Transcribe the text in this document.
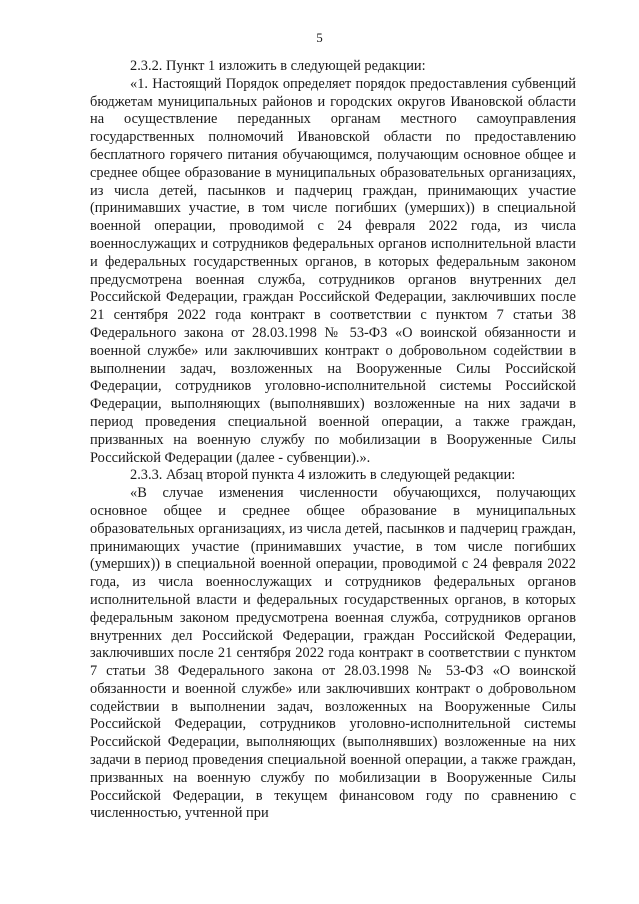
5

2.3.2. Пункт 1 изложить в следующей редакции:

«1. Настоящий Порядок определяет порядок предоставления субвенций бюджетам муниципальных районов и городских округов Ивановской области на осуществление переданных органам местного самоуправления государственных полномочий Ивановской области по предоставлению бесплатного горячего питания обучающимся, получающим основное общее и среднее общее образование в муниципальных образовательных организациях, из числа детей, пасынков и падчериц граждан, принимающих участие (принимавших участие, в том числе погибших (умерших)) в специальной военной операции, проводимой с 24 февраля 2022 года, из числа военнослужащих и сотрудников федеральных органов исполнительной власти и федеральных государственных органов, в которых федеральным законом предусмотрена военная служба, сотрудников органов внутренних дел Российской Федерации, граждан Российской Федерации, заключивших после 21 сентября 2022 года контракт в соответствии с пунктом 7 статьи 38 Федерального закона от 28.03.1998 № 53-ФЗ «О воинской обязанности и военной службе» или заключивших контракт о добровольном содействии в выполнении задач, возложенных на Вооруженные Силы Российской Федерации, сотрудников уголовно-исполнительной системы Российской Федерации, выполняющих (выполнявших) возложенные на них задачи в период проведения специальной военной операции, а также граждан, призванных на военную службу по мобилизации в Вооруженные Силы Российской Федерации (далее - субвенции).».

2.3.3. Абзац второй пункта 4 изложить в следующей редакции:

«В случае изменения численности обучающихся, получающих основное общее и среднее общее образование в муниципальных образовательных организациях, из числа детей, пасынков и падчериц граждан, принимающих участие (принимавших участие, в том числе погибших (умерших)) в специальной военной операции, проводимой с 24 февраля 2022 года, из числа военнослужащих и сотрудников федеральных органов исполнительной власти и федеральных государственных органов, в которых федеральным законом предусмотрена военная служба, сотрудников органов внутренних дел Российской Федерации, граждан Российской Федерации, заключивших после 21 сентября 2022 года контракт в соответствии с пунктом 7 статьи 38 Федерального закона от 28.03.1998 № 53-ФЗ «О воинской обязанности и военной службе» или заключивших контракт о добровольном содействии в выполнении задач, возложенных на Вооруженные Силы Российской Федерации, сотрудников уголовно-исполнительной системы Российской Федерации, выполняющих (выполнявших) возложенные на них задачи в период проведения специальной военной операции, а также граждан, призванных на военную службу по мобилизации в Вооруженные Силы Российской Федерации, в текущем финансовом году по сравнению с численностью, учтенной при
